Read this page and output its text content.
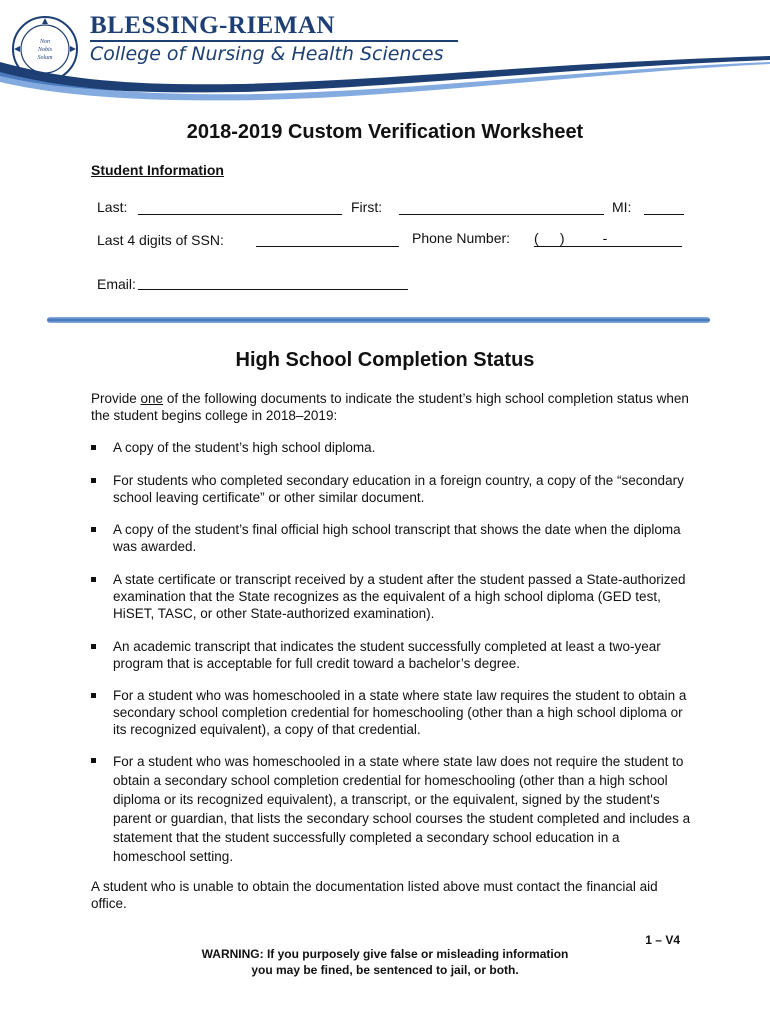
Non
Nobis
Solum
BLESSING-RIEMAN
College of Nursing & Health Sciences
2018-2019 Custom Verification Worksheet
Student Information
Last:	First:	MI:
Last 4 digits of SSN:	Phone Number: (     )         -
Email:
High School Completion Status
Provide one of the following documents to indicate the student’s high school completion status when the student begins college in 2018–2019:
A copy of the student’s high school diploma.
For students who completed secondary education in a foreign country, a copy of the “secondary school leaving certificate” or other similar document.
A copy of the student’s final official high school transcript that shows the date when the diploma was awarded.
A state certificate or transcript received by a student after the student passed a State-authorized examination that the State recognizes as the equivalent of a high school diploma (GED test, HiSET, TASC, or other State-authorized examination).
An academic transcript that indicates the student successfully completed at least a two-year program that is acceptable for full credit toward a bachelor’s degree.
For a student who was homeschooled in a state where state law requires the student to obtain a secondary school completion credential for homeschooling (other than a high school diploma or its recognized equivalent), a copy of that credential.
For a student who was homeschooled in a state where state law does not require the student to obtain a secondary school completion credential for homeschooling (other than a high school diploma or its recognized equivalent), a transcript, or the equivalent, signed by the student's parent or guardian, that lists the secondary school courses the student completed and includes a statement that the student successfully completed a secondary school education in a homeschool setting.
A student who is unable to obtain the documentation listed above must contact the financial aid office.
1 – V4
WARNING: If you purposely give false or misleading information
you may be fined, be sentenced to jail, or both.
